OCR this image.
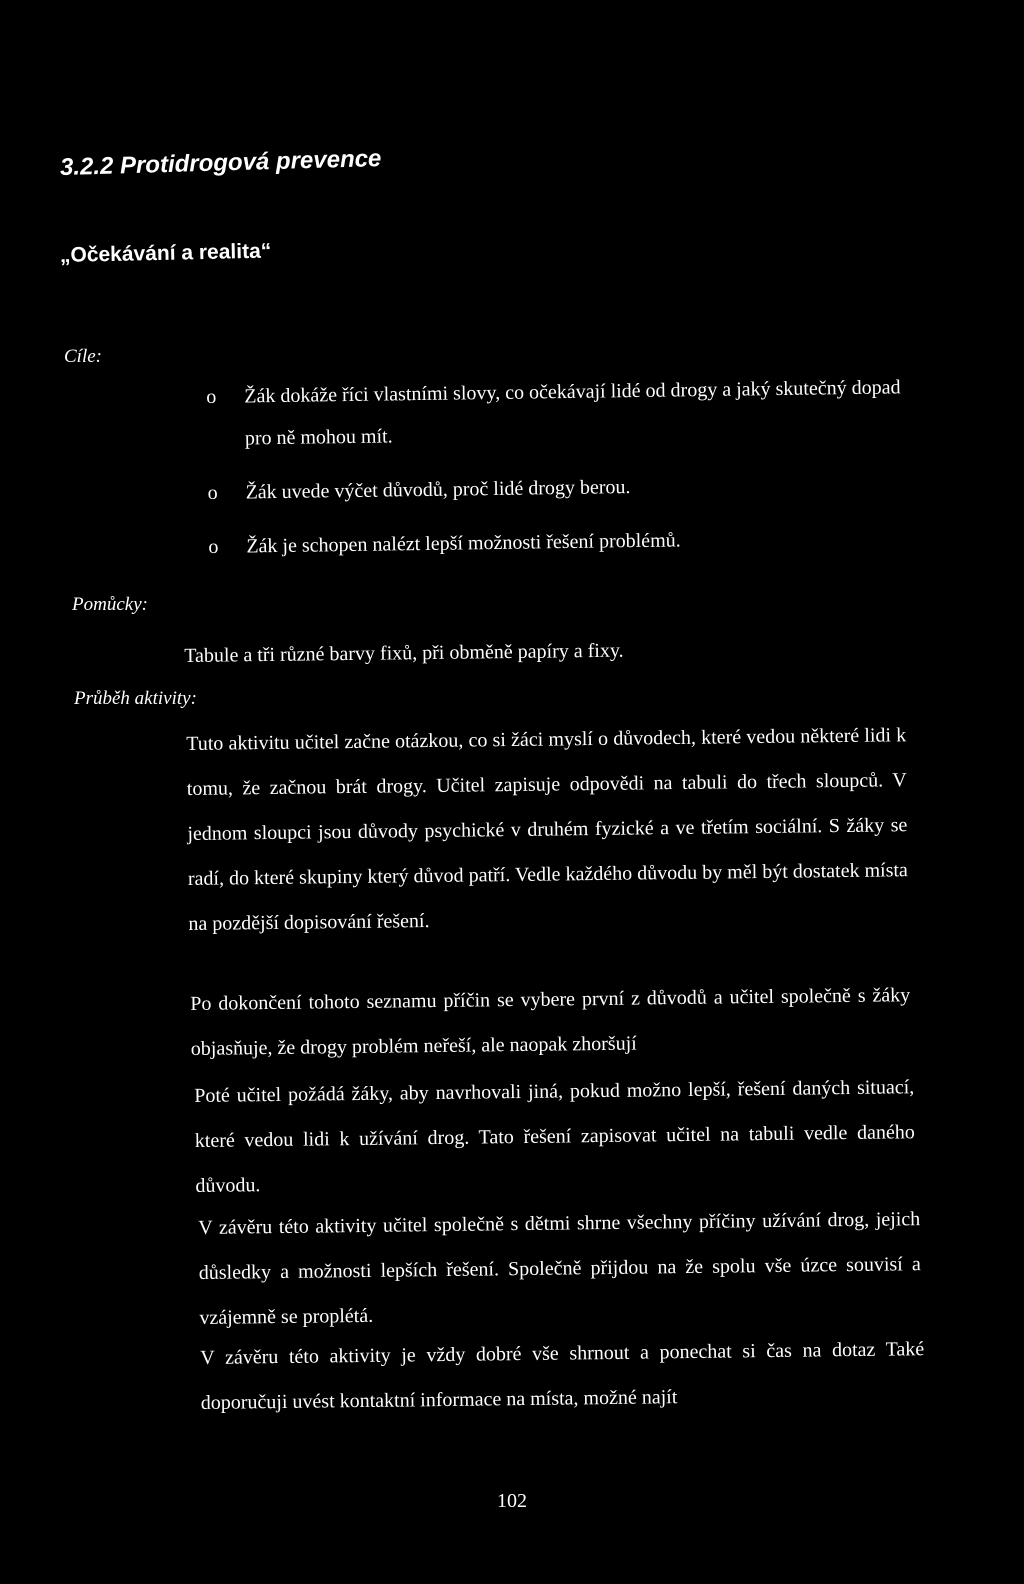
3.2.2 Protidrogová prevence
„Očekávání a realita“
Cíle:
o Žák dokáže říci vlastními slovy, co očekávají lidé od drogy a jaký skutečný dopad pro ně mohou mít.
o Žák uvede výčet důvodů, proč lidé drogy berou.
o Žák je schopen nalézt lepší možnosti řešení problémů.
Pomůcky:

Tabule a tři různé barvy fixů, při obměně papíry a fixy.

Průběh aktivity:

Tuto aktivitu učitel začne otázkou, co si žáci myslí o důvodech, které vedou některé lidi k tomu, že začnou brát drogy. Učitel zapisuje odpovědi na tabuli do třech sloupců. V jednom sloupci jsou důvody psychické v druhém fyzické a ve třetím sociální. S žáky se radí, do které skupiny který důvod patří. Vedle každého důvodu by měl být dostatek místa na pozdější dopisování řešení.

Po dokončení tohoto seznamu příčin se vybere první z důvodů a učitel společně s žáky objasňuje, že drogy problém neřeší, ale naopak zhoršují

Poté učitel požádá žáky, aby navrhovali jiná, pokud možno lepší, řešení daných situací, které vedou lidi k užívání drog. Tato řešení zapisovat učitel na tabuli vedle daného důvodu.

V závěru této aktivity učitel společně s dětmi shrne všechny příčiny užívání drog, jejich důsledky a možnosti lepších řešení. Společně přijdou na že spolu vše úzce souvisí a vzájemně se proplétá.

V závěru této aktivity je vždy dobré vše shrnout a ponechat si čas na dotaz Také doporučuji uvést kontaktní informace na místa, možné najít

102
